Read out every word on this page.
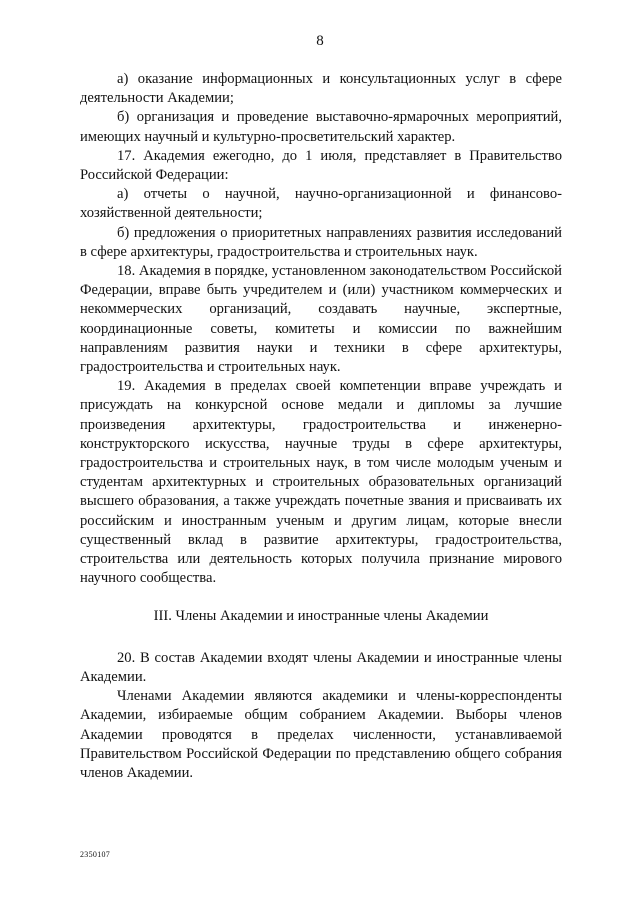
8

а) оказание информационных и консультационных услуг в сфере деятельности Академии;

б) организация и проведение выставочно-ярмарочных мероприятий, имеющих научный и культурно-просветительский характер.

17. Академия ежегодно, до 1 июля, представляет в Правительство Российской Федерации:

а) отчеты о научной, научно-организационной и финансово-хозяйственной деятельности;

б) предложения о приоритетных направлениях развития исследований в сфере архитектуры, градостроительства и строительных наук.

18. Академия в порядке, установленном законодательством Российской Федерации, вправе быть учредителем и (или) участником коммерческих и некоммерческих организаций, создавать научные, экспертные, координационные советы, комитеты и комиссии по важнейшим направлениям развития науки и техники в сфере архитектуры, градостроительства и строительных наук.

19. Академия в пределах своей компетенции вправе учреждать и присуждать на конкурсной основе медали и дипломы за лучшие произведения архитектуры, градостроительства и инженерно-конструкторского искусства, научные труды в сфере архитектуры, градостроительства и строительных наук, в том числе молодым ученым и студентам архитектурных и строительных образовательных организаций высшего образования, а также учреждать почетные звания и присваивать их российским и иностранным ученым и другим лицам, которые внесли существенный вклад в развитие архитектуры, градостроительства, строительства или деятельность которых получила признание мирового научного сообщества.

III. Члены Академии и иностранные члены Академии

20. В состав Академии входят члены Академии и иностранные члены Академии.

Членами Академии являются академики и члены-корреспонденты Академии, избираемые общим собранием Академии. Выборы членов Академии проводятся в пределах численности, устанавливаемой Правительством Российской Федерации по представлению общего собрания членов Академии.

2350107
